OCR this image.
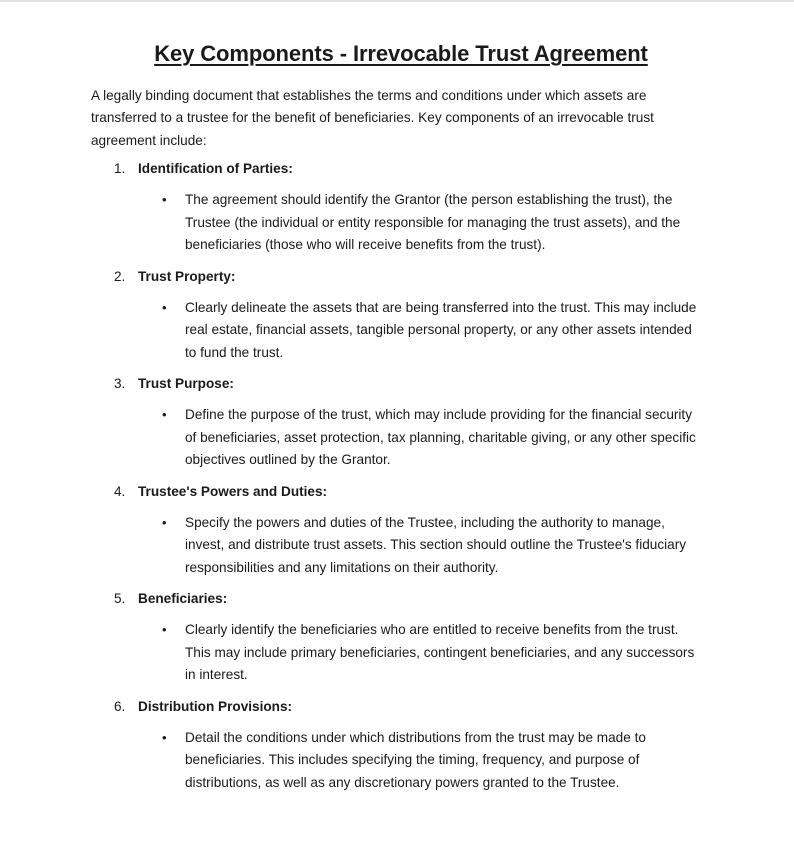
Key Components - Irrevocable Trust Agreement

A legally binding document that establishes the terms and conditions under which assets are transferred to a trustee for the benefit of beneficiaries. Key components of an irrevocable trust agreement include:

1. Identification of Parties:
•	The agreement should identify the Grantor (the person establishing the trust), the Trustee (the individual or entity responsible for managing the trust assets), and the beneficiaries (those who will receive benefits from the trust).
2. Trust Property:
•	Clearly delineate the assets that are being transferred into the trust. This may include real estate, financial assets, tangible personal property, or any other assets intended to fund the trust.
3. Trust Purpose:
•	Define the purpose of the trust, which may include providing for the financial security of beneficiaries, asset protection, tax planning, charitable giving, or any other specific objectives outlined by the Grantor.
4. Trustee's Powers and Duties:
•	Specify the powers and duties of the Trustee, including the authority to manage, invest, and distribute trust assets. This section should outline the Trustee's fiduciary responsibilities and any limitations on their authority.
5. Beneficiaries:
•	Clearly identify the beneficiaries who are entitled to receive benefits from the trust. This may include primary beneficiaries, contingent beneficiaries, and any successors in interest.
6. Distribution Provisions:
•	Detail the conditions under which distributions from the trust may be made to beneficiaries. This includes specifying the timing, frequency, and purpose of distributions, as well as any discretionary powers granted to the Trustee.
